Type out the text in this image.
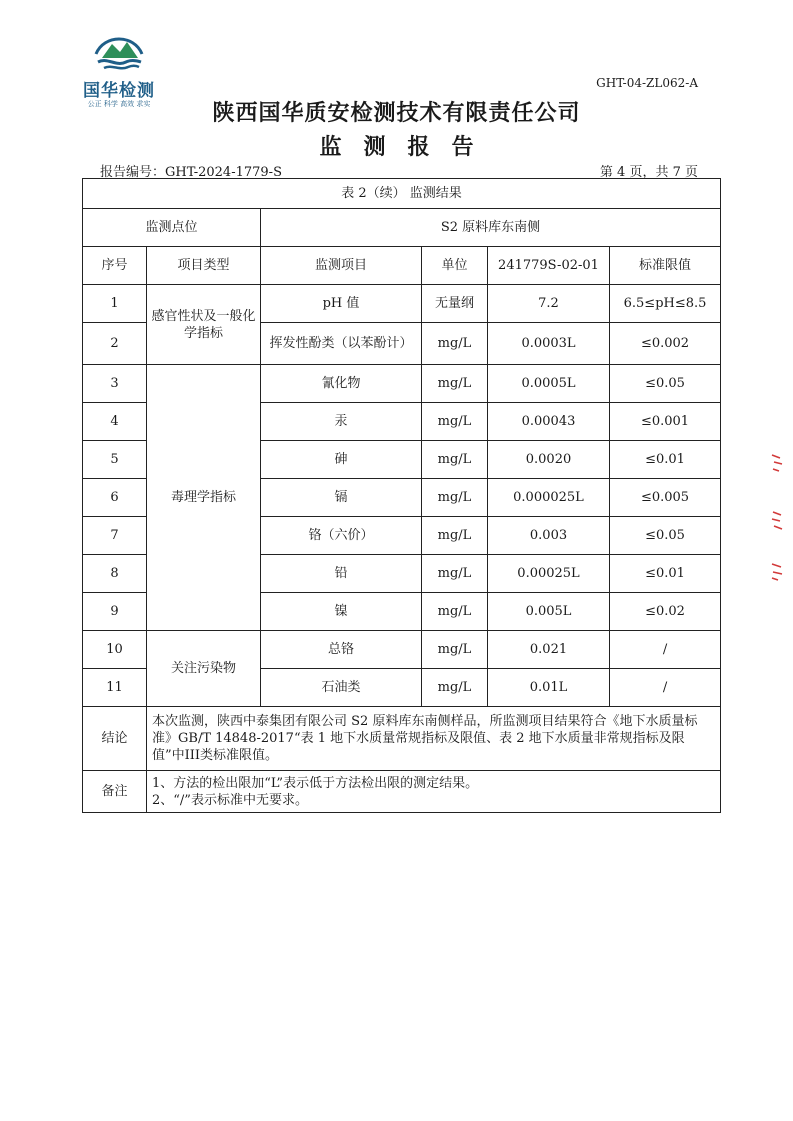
国华检测
公正 科学 高效 求实
GHT-04-ZL062-A
陕西国华质安检测技术有限责任公司
监测报告
报告编号：GHT-2024-1779-S	第 4 页，共 7 页
表 2（续） 监测结果					
监测点位		S2 原料库东南侧			
序号	项目类型	监测项目	单位	241779S-02-01	标准限值
1	感官性状及一般化学指标	pH 值	无量纲	7.2	6.5≤pH≤8.5
2		挥发性酚类（以苯酚计）	mg/L	0.0003L	≤0.002
3	毒理学指标	氰化物	mg/L	0.0005L	≤0.05
4		汞	mg/L	0.00043	≤0.001
5		砷	mg/L	0.0020	≤0.01
6		镉	mg/L	0.000025L	≤0.005
7		铬（六价）	mg/L	0.003	≤0.05
8		铅	mg/L	0.00025L	≤0.01
9		镍	mg/L	0.005L	≤0.02
10	关注污染物	总铬	mg/L	0.021	/
11		石油类	mg/L	0.01L	/
结论	本次监测，陕西中泰集团有限公司 S2 原料库东南侧样品，所监测项目结果符合《地下水质量标准》GB/T 14848-2017“表 1 地下水质量常规指标及限值、表 2 地下水质量非常规指标及限值”中III类标准限值。				
备注	1、方法的检出限加“L”表示低于方法检出限的测定结果。
2、“/”表示标准中无要求。				
